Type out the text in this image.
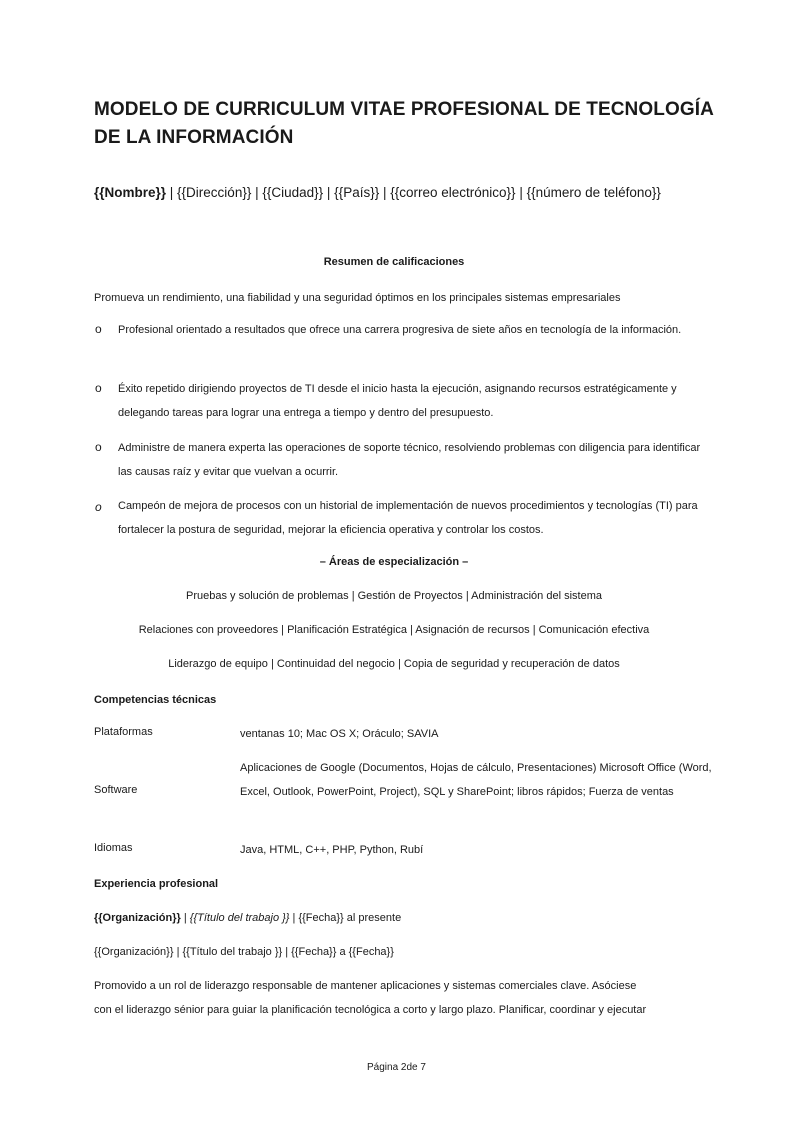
MODELO DE CURRICULUM VITAE PROFESIONAL DE TECNOLOGÍA DE LA INFORMACIÓN
{{Nombre}} | {{Dirección}} | {{Ciudad}} | {{País}} | {{correo electrónico}} | {{número de teléfono}}
Resumen de calificaciones
Promueva un rendimiento, una fiabilidad y una seguridad óptimos en los principales sistemas empresariales
o Profesional orientado a resultados que ofrece una carrera progresiva de siete años en tecnología de la información.
o Éxito repetido dirigiendo proyectos de TI desde el inicio hasta la ejecución, asignando recursos estratégicamente y delegando tareas para lograr una entrega a tiempo y dentro del presupuesto.
o Administre de manera experta las operaciones de soporte técnico, resolviendo problemas con diligencia para identificar las causas raíz y evitar que vuelvan a ocurrir.
o Campeón de mejora de procesos con un historial de implementación de nuevos procedimientos y tecnologías (TI) para fortalecer la postura de seguridad, mejorar la eficiencia operativa y controlar los costos.
– Áreas de especialización –
Pruebas y solución de problemas | Gestión de Proyectos | Administración del sistema
Relaciones con proveedores | Planificación Estratégica | Asignación de recursos | Comunicación efectiva
Liderazgo de equipo | Continuidad del negocio | Copia de seguridad y recuperación de datos
Competencias técnicas
Plataformas	ventanas 10; Mac OS X; Oráculo; SAVIA
Software
Aplicaciones de Google (Documentos, Hojas de cálculo, Presentaciones) Microsoft Office (Word, Excel, Outlook, PowerPoint, Project), SQL y SharePoint; libros rápidos; Fuerza de ventas
Idiomas	Java, HTML, C++, PHP, Python, Rubí
Experiencia profesional
{{Organización}} | {{Título del trabajo }} | {{Fecha}} al presente
{{Organización}} | {{Título del trabajo }} | {{Fecha}} a {{Fecha}}
Promovido a un rol de liderazgo responsable de mantener aplicaciones y sistemas comerciales clave. Asóciese
con el liderazgo sénior para guiar la planificación tecnológica a corto y largo plazo. Planificar, coordinar y ejecutar
Página 2de 7
